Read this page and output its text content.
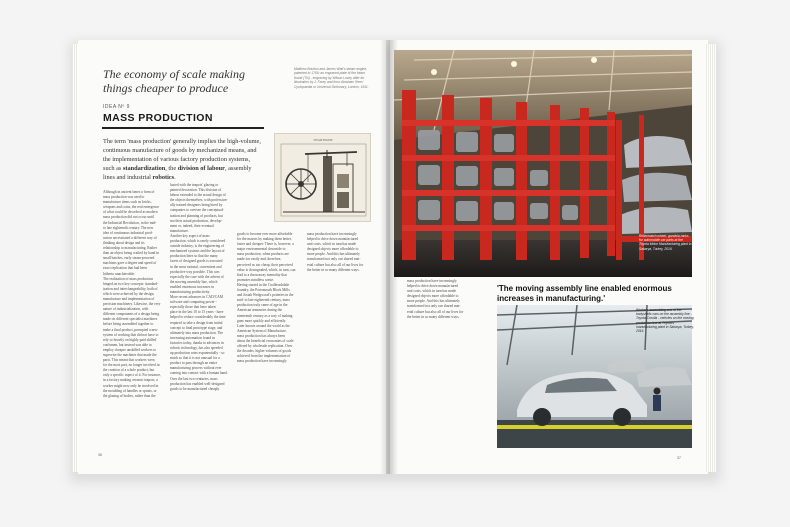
The economy of scale making things cheaper to produce
Matthew Boulton and James Watt's steam engine, patented in 1769; an engraved plate of the beam found (TN) - engraving by Wilson Lowry after an illustration by J. Farey and from Abraham Rees' Cyclopaedia or Universal Dictionary, London, 1811.
IDEA Nº 9
MASS PRODUCTION
The term 'mass production' generally implies the high-volume, continuous manufacture of goods by mechanized means, and the implementation of various factory production systems, such as standardization, the division of labour, assembly lines and industrial robotics.
STEAM ENGINE
Although in ancient times a form of
mass production was used to
manufacture items such as bricks,
weapons and coins, the real emergence
of what could be described as modern
mass production did not occur until
the Industrial Revolution, in the mid-
to late eighteenth century. The new
idea of continuous industrial prod-
uction necessitated a different way of
thinking about design and its
relationship to manufacturing. Rather
than an object being crafted by hand in
small batches, early steam-powered
machines gave a degree and speed of
exact replication that had been
hitherto unachievable.
The realization of mass production
hinged on two key concepts: standard-
ization and interchangeability, both of
which were achieved by the design,
manufacture and implementation of
precision machinery. Likewise, the very
nature of industrialization, with
different components of a design being
made on different specialist machines
before being assembled together to
make a final product, prompted a new
system of working that did not have to
rely so heavily on highly paid skilled
craftsmen, but instead was able to
employ cheaper unskilled workers to
supervise the machines that made the
parts. This meant that workers were,
for the most part, no longer involved in
the creation of a whole product, but
only a specific aspect of it. For instance,
in a factory making ceramic teapots, a
worker might now only be involved in
the moulding of handles or spouts, or
the glazing of bodies, rather than the
lusted with the teapots' glazing or
painted decoration. This division of
labour extended to the actual design of
the objects themselves, with profession-
ally trained designers being hired by
companies to oversee the conceptual-
ization and planning of products, but
not their actual production, develop-
ment or, indeed, their eventual
manufacture.
Another key aspect of mass
production, which is rarely considered
outside industry, is the engineering of
mechanized systems and the layout of
production lines so that the many
facets of designed goods is executed
in the most rational, convenient and
productive way possible. This was
especially the case with the advent of
the moving assembly line, which
enabled enormous increases in
manufacturing productivity.
More recent advances in CAD/CAM
software and computing power -
especially those that have taken
place in the last 10 to 15 years - have
helped to reduce considerably the time
required to take a design from initial
concept to final prototype stage, and
ultimately into mass production. The
increasing automation found in
factories today, thanks to advances in
robotic technology, has also speeded
up production rates exponentially - so
much so that it is not unusual for a
product to pass through an entire
manufacturing process without ever
coming into contact with a human hand.
Over the last two centuries, mass
production has enabled well-designed
goods to be manufactured cheaply
goods to become ever more affordable
for the masses by making them better,
faster and cheaper. There is, however, a
major environmental downside to
mass production, when products are
made too easily and, therefore,
perceived as too cheap, their perceived
value is downgraded, which, in turn, can
lead to a throwaway mentality that
promotes mindless waste.
Having started in the Coalbrookdale
foundry, the Portsmouth Block Mills
and Josiah Wedgwood's potteries in the
mid- to late eighteenth century, mass
production truly came of age in the
American armouries during the
nineteenth century as a way of making
guns more quickly and efficiently.
Later known around the world as the
American System of Manufacture,
mass production has always been
about the beneficial economies of scale
offered by wholesale replication. Over
the decades, higher volumes of goods
achieved from the implementation of
mass production have increasingly
mass production have increasingly
helped to drive down manufactured
unit costs, which in turn has made
designed objects more affordable to
more people. And this has ultimately
transformed not only our shared mat-
erial culture but also all of our lives for
the better in so many different ways.
36
Rollermatch wheel, gondola racks for automobile car parts at the Toyota Motor Manufacturing plant in Sakarya, Turkey, 2016.
'The moving assembly line enabled enormous increases in manufacturing.'
mass production have increasingly
helped to drive down manufactured
unit costs, which in turn has made
designed objects more affordable to
more people. And this has ultimately
transformed not only our shared mat-
erial culture but also all of our lives for
the better in so many different ways.
Workers assembling one of the bodyshells cars on the assembly line - Toyota Corolla - vehicles on the moving production line at Toyota's manufacturing plant in Sakarya, Turkey, 2016.
37
